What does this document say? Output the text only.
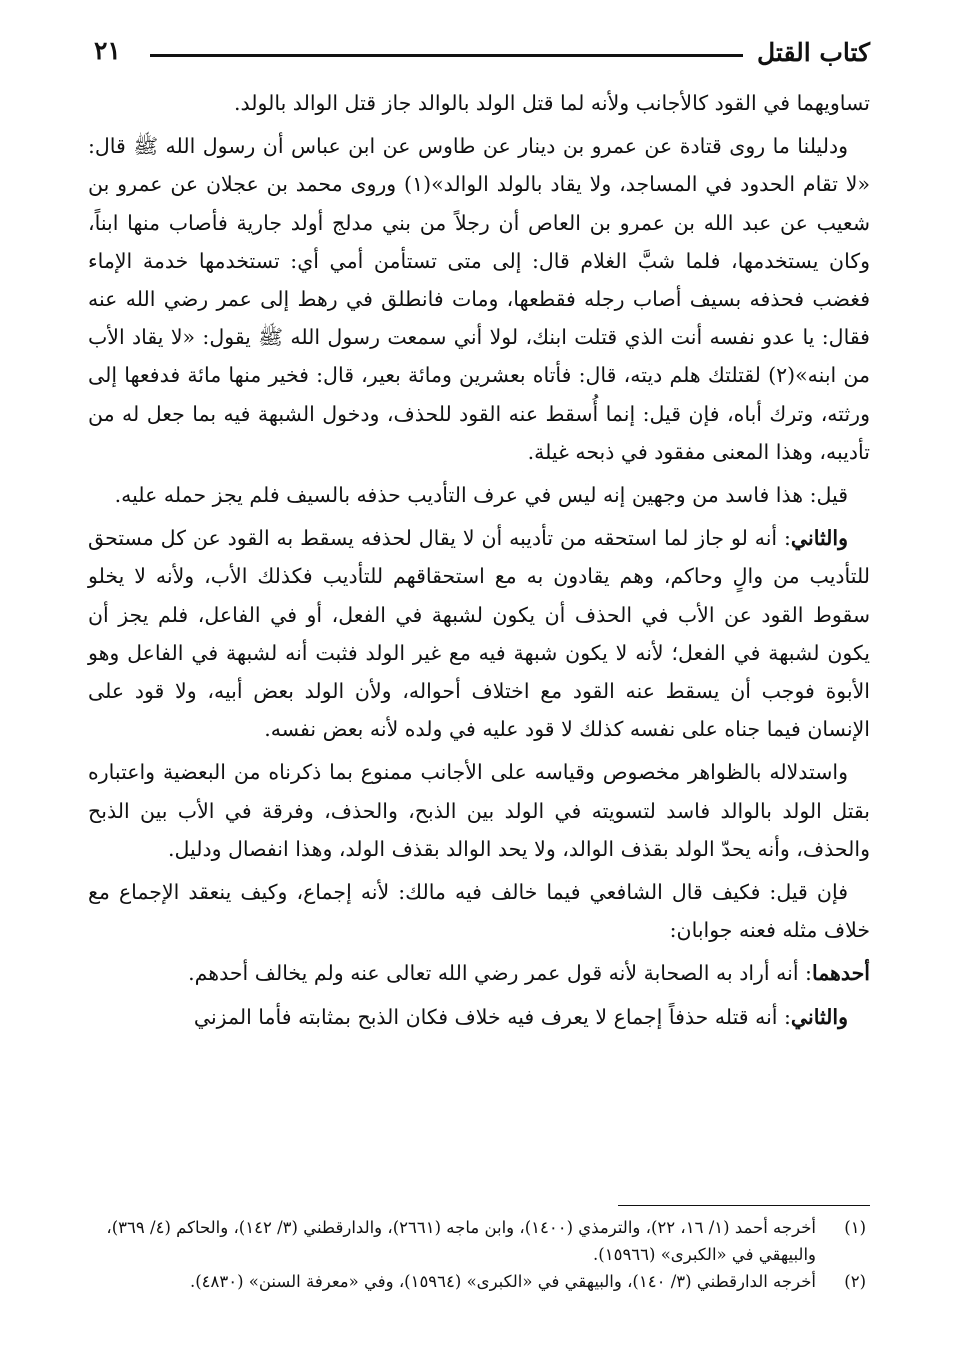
كتاب القتل
٢١

تساويهما في القود كالأجانب ولأنه لما قتل الولد بالوالد جاز قتل الوالد بالولد.

ودليلنا ما روى قتادة عن عمرو بن دينار عن طاوس عن ابن عباس أن رسول الله ﷺ قال: «لا تقام الحدود في المساجد، ولا يقاد بالولد الوالد»(١) وروى محمد بن عجلان عن عمرو بن شعيب عن عبد الله بن عمرو بن العاص أن رجلاً من بني مدلج أولد جارية فأصاب منها ابناً، وكان يستخدمها، فلما شبَّ الغلام قال: إلى متى تستأمن أمي أي: تستخدمها خدمة الإماء فغضب فحذفه بسيف أصاب رجله فقطعها، ومات فانطلق في رهط إلى عمر رضي الله عنه فقال: يا عدو نفسه أنت الذي قتلت ابنك، لولا أني سمعت رسول الله ﷺ يقول: «لا يقاد الأب من ابنه»(٢) لقتلتك هلم ديته، قال: فأتاه بعشرين ومائة بعير، قال: فخير منها مائة فدفعها إلى ورثته، وترك أباه، فإن قيل: إنما أُسقط عنه القود للحذف، ودخول الشبهة فيه بما جعل له من تأديبه، وهذا المعنى مفقود في ذبحه غيلة.

قيل: هذا فاسد من وجهين إنه ليس في عرف التأديب حذفه بالسيف فلم يجز حمله عليه.

والثاني: أنه لو جاز لما استحقه من تأديبه أن لا يقال لحذفه يسقط به القود عن كل مستحق للتأديب من والٍ وحاكم، وهم يقادون به مع استحقاقهم للتأديب فكذلك الأب، ولأنه لا يخلو سقوط القود عن الأب في الحذف أن يكون لشبهة في الفعل، أو في الفاعل، فلم يجز أن يكون لشبهة في الفعل؛ لأنه لا يكون شبهة فيه مع غير الولد فثبت أنه لشبهة في الفاعل وهو الأبوة فوجب أن يسقط عنه القود مع اختلاف أحواله، ولأن الولد بعض أبيه، ولا قود على الإنسان فيما جناه على نفسه كذلك لا قود عليه في ولده لأنه بعض نفسه.

واستدلاله بالظواهر مخصوص وقياسه على الأجانب ممنوع بما ذكرناه من البعضية واعتباره بقتل الولد بالوالد فاسد لتسويته في الولد بين الذبح، والحذف، وفرقة في الأب بين الذبح والحذف، وأنه يحدّ الولد بقذف الوالد، ولا يحد الوالد بقذف الولد، وهذا انفصال ودليل.

فإن قيل: فكيف قال الشافعي فيما خالف فيه مالك: لأنه إجماع، وكيف ينعقد الإجماع مع خلاف مثله فعنه جوابان:

أحدهما: أنه أراد به الصحابة لأنه قول عمر رضي الله تعالى عنه ولم يخالف أحدهم.

والثاني: أنه قتله حذفاً إجماع لا يعرف فيه خلاف فكان الذبح بمثابته فأما المزني

(١)
أخرجه أحمد (١/ ١٦، ٢٢)، والترمذي (١٤٠٠)، وابن ماجه (٢٦٦١)، والدارقطني (٣/ ١٤٢)، والحاكم (٤/ ٣٦٩)، والبيهقي في «الكبرى» (١٥٩٦٦).
(٢)
أخرجه الدارقطني (٣/ ١٤٠)، والبيهقي في «الكبرى» (١٥٩٦٤)، وفي «معرفة السنن» (٤٨٣٠).
